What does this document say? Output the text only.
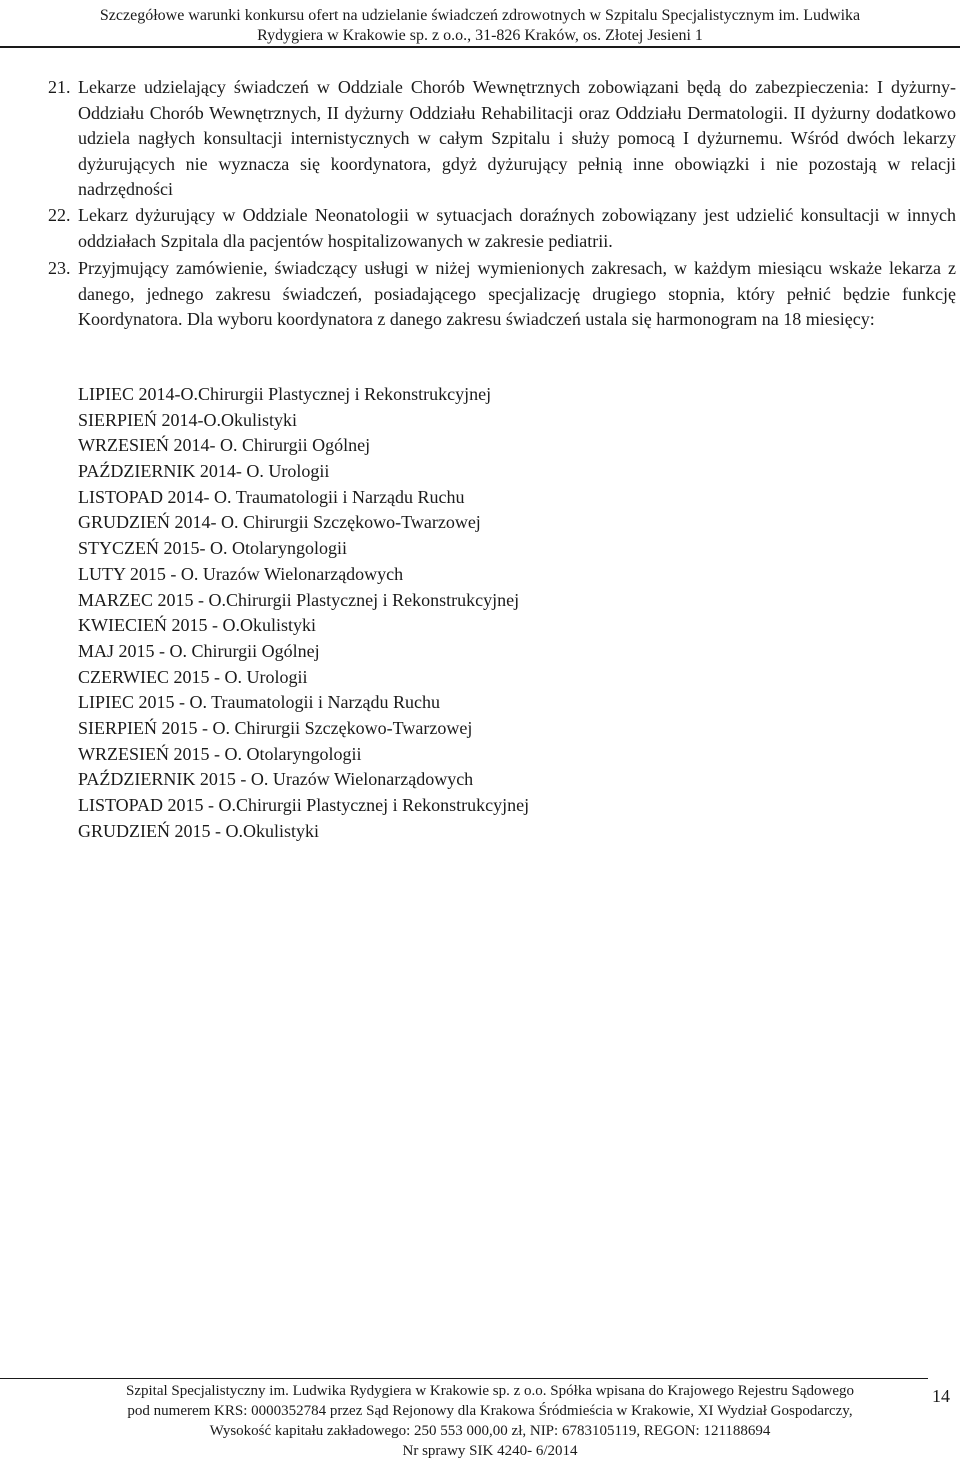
Szczegółowe warunki konkursu ofert na udzielanie świadczeń zdrowotnych w Szpitalu Specjalistycznym im. Ludwika
Rydygiera w Krakowie sp. z o.o., 31-826 Kraków, os. Złotej Jesieni 1
21. Lekarze udzielający świadczeń w Oddziale Chorób Wewnętrznych zobowiązani będą do zabezpieczenia: I dyżurny-Oddziału Chorób Wewnętrznych, II dyżurny Oddziału Rehabilitacji oraz Oddziału Dermatologii. II dyżurny dodatkowo udziela nagłych konsultacji internistycznych w całym Szpitalu i służy pomocą I dyżurnemu. Wśród dwóch lekarzy dyżurujących nie wyznacza się koordynatora, gdyż dyżurujący pełnią inne obowiązki i nie pozostają w relacji nadrzędności
22. Lekarz dyżurujący w Oddziale Neonatologii w sytuacjach doraźnych zobowiązany jest udzielić konsultacji w innych oddziałach Szpitala dla pacjentów hospitalizowanych w zakresie pediatrii.
23. Przyjmujący zamówienie, świadczący usługi w niżej wymienionych zakresach, w każdym miesiącu wskaże lekarza z danego, jednego zakresu świadczeń, posiadającego specjalizację drugiego stopnia, który pełnić będzie funkcję Koordynatora. Dla wyboru koordynatora z danego zakresu świadczeń ustala się harmonogram na 18 miesięcy:
LIPIEC 2014-O.Chirurgii Plastycznej i Rekonstrukcyjnej
SIERPIEŃ 2014-O.Okulistyki
WRZESIEŃ 2014- O. Chirurgii Ogólnej
PAŹDZIERNIK 2014- O. Urologii
LISTOPAD 2014- O. Traumatologii i Narządu Ruchu
GRUDZIEŃ 2014- O. Chirurgii Szczękowo-Twarzowej
STYCZEŃ 2015- O. Otolaryngologii
LUTY 2015 - O. Urazów Wielonarządowych
MARZEC 2015 - O.Chirurgii Plastycznej i Rekonstrukcyjnej
KWIECIEŃ 2015 - O.Okulistyki
MAJ 2015 - O. Chirurgii Ogólnej
CZERWIEC 2015 - O. Urologii
LIPIEC 2015 - O. Traumatologii i Narządu Ruchu
SIERPIEŃ 2015 - O. Chirurgii Szczękowo-Twarzowej
WRZESIEŃ 2015 - O. Otolaryngologii
PAŹDZIERNIK 2015 - O. Urazów Wielonarządowych
LISTOPAD 2015 - O.Chirurgii Plastycznej i Rekonstrukcyjnej
GRUDZIEŃ 2015 - O.Okulistyki
Szpital Specjalistyczny im. Ludwika Rydygiera w Krakowie sp. z o.o. Spółka wpisana do Krajowego Rejestru Sądowego
pod numerem KRS: 0000352784 przez Sąd Rejonowy dla Krakowa Śródmieścia w Krakowie, XI Wydział Gospodarczy,
Wysokość kapitału zakładowego: 250 553 000,00 zł, NIP: 6783105119, REGON: 121188694
Nr sprawy SIK 4240- 6/2014
14
